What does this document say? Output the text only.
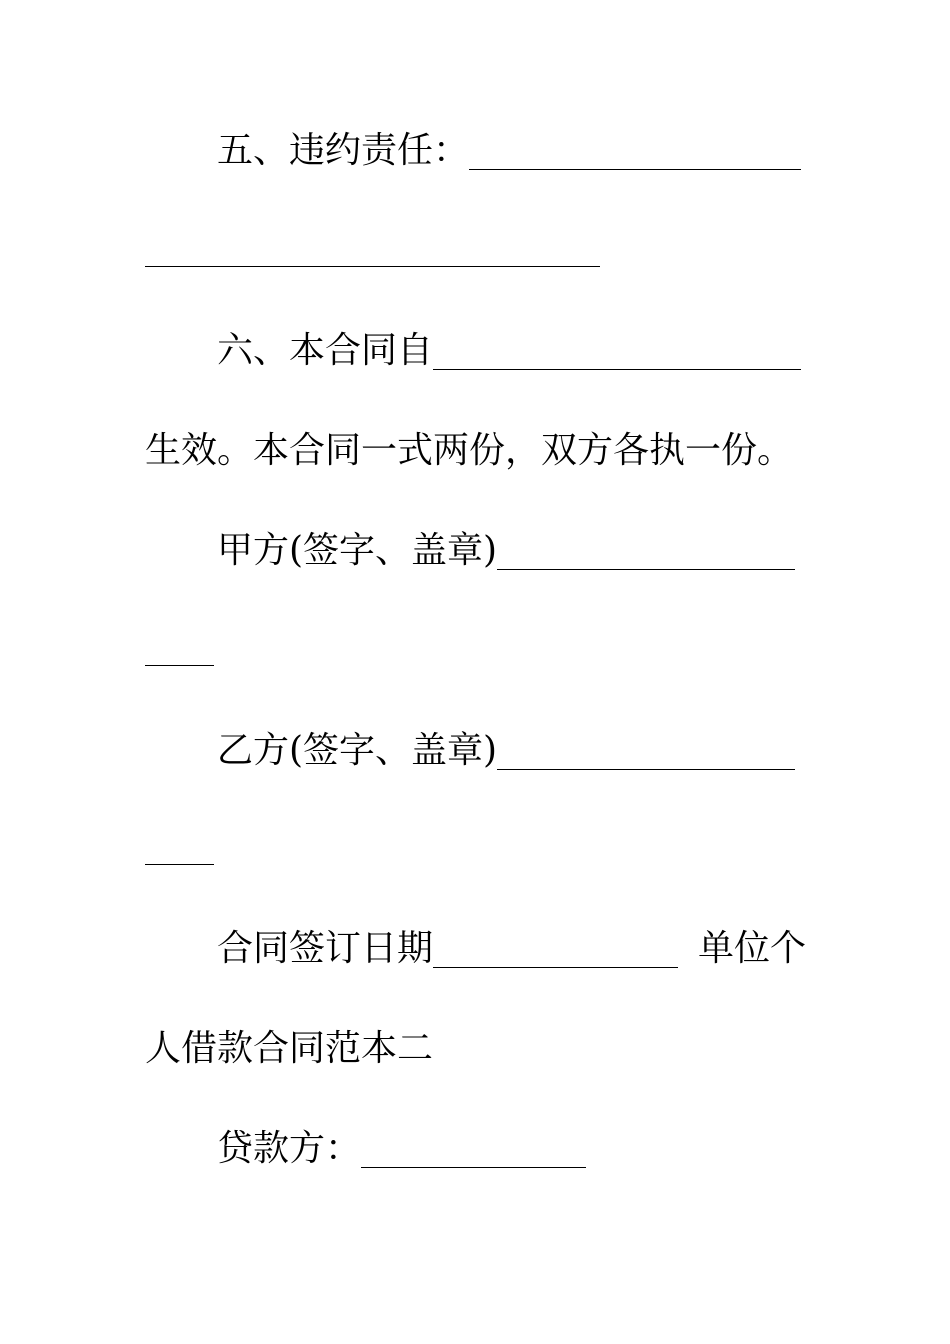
五、违约责任：
六、本合同自
生效。本合同一式两份，双方各执一份。
甲方(签字、盖章)
乙方(签字、盖章)
合同签订日期	单位个
人借款合同范本二
贷款方：
